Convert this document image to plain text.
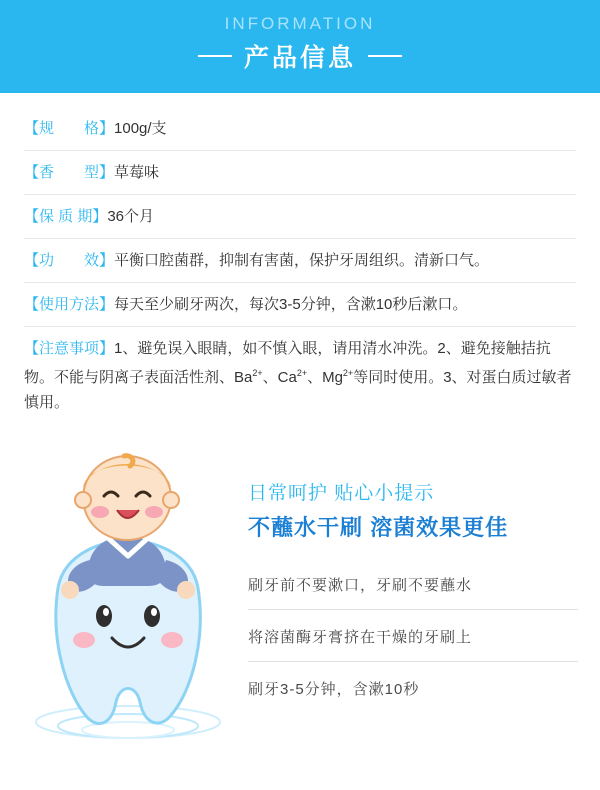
INFORMATION
产品信息
【规　　格】100g/支
【香　　型】草莓味
【保 质 期】36个月
【功　　效】平衡口腔菌群，抑制有害菌，保护牙周组织。清新口气。
【使用方法】每天至少刷牙两次，每次3-5分钟，含漱10秒后漱口。
【注意事项】1、避免误入眼睛，如不慎入眼，请用清水冲洗。2、避免接触拮抗物。不能与阴离子表面活性剂、$Ba^{2+}$、$Ca^{2+}$、$Mg^{2+}$等同时使用。3、对蛋白质过敏者慎用。
日常呵护 贴心小提示
不蘸水干刷 溶菌效果更佳
刷牙前不要漱口，牙刷不要蘸水
将溶菌酶牙膏挤在干燥的牙刷上
刷牙3-5分钟，含漱10秒
